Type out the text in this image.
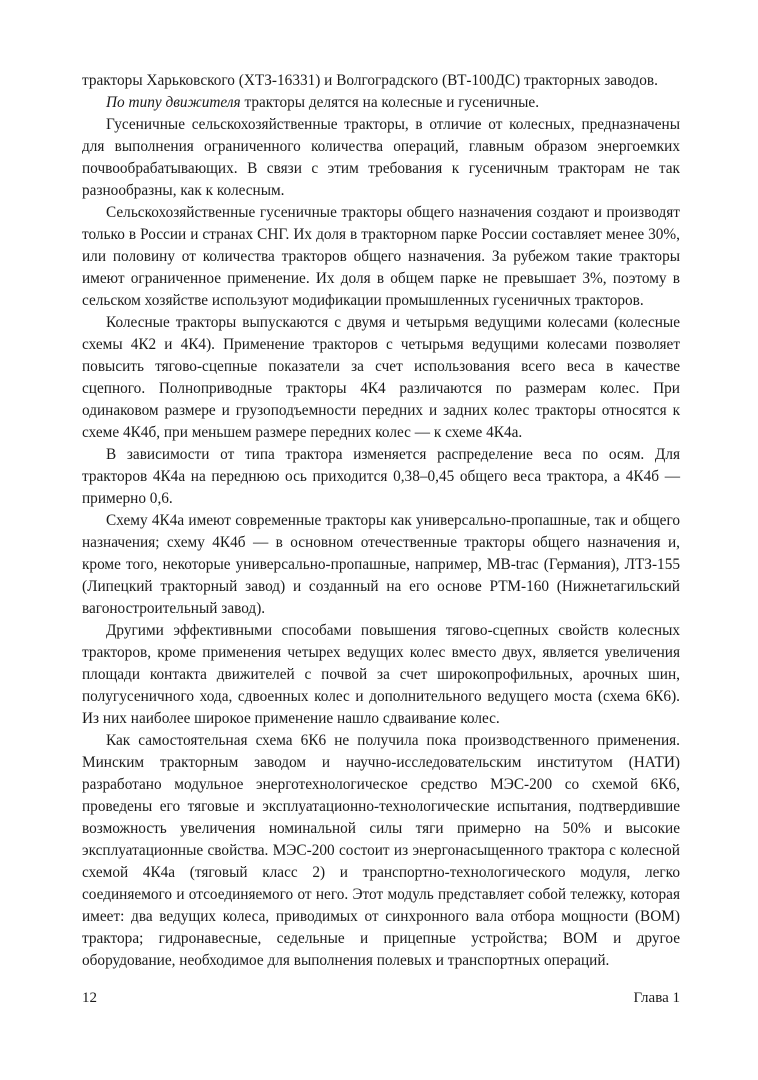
тракторы Харьковского (ХТЗ-16331) и Волгоградского (ВТ-100ДС) тракторных заводов.

По типу движителя тракторы делятся на колесные и гусеничные.

Гусеничные сельскохозяйственные тракторы, в отличие от колесных, предназначены для выполнения ограниченного количества операций, главным образом энергоемких почвообрабатывающих. В связи с этим требования к гусеничным тракторам не так разнообразны, как к колесным.

Сельскохозяйственные гусеничные тракторы общего назначения создают и производят только в России и странах СНГ. Их доля в тракторном парке России составляет менее 30%, или половину от количества тракторов общего назначения. За рубежом такие тракторы имеют ограниченное применение. Их доля в общем парке не превышает 3%, поэтому в сельском хозяйстве используют модификации промышленных гусеничных тракторов.

Колесные тракторы выпускаются с двумя и четырьмя ведущими колесами (колесные схемы 4К2 и 4К4). Применение тракторов с четырьмя ведущими колесами позволяет повысить тягово-сцепные показатели за счет использования всего веса в качестве сцепного. Полноприводные тракторы 4К4 различаются по размерам колес. При одинаковом размере и грузоподъемности передних и задних колес тракторы относятся к схеме 4К4б, при меньшем размере передних колес — к схеме 4К4а.

В зависимости от типа трактора изменяется распределение веса по осям. Для тракторов 4К4а на переднюю ось приходится 0,38–0,45 общего веса трактора, а 4К4б — примерно 0,6.

Схему 4К4а имеют современные тракторы как универсально-пропашные, так и общего назначения; схему 4К4б — в основном отечественные тракторы общего назначения и, кроме того, некоторые универсально-пропашные, например, MB-trac (Германия), ЛТЗ-155 (Липецкий тракторный завод) и созданный на его основе РТМ-160 (Нижнетагильский вагоностроительный завод).

Другими эффективными способами повышения тягово-сцепных свойств колесных тракторов, кроме применения четырех ведущих колес вместо двух, является увеличения площади контакта движителей с почвой за счет широкопрофильных, арочных шин, полугусеничного хода, сдвоенных колес и дополнительного ведущего моста (схема 6К6). Из них наиболее широкое применение нашло сдваивание колес.

Как самостоятельная схема 6К6 не получила пока производственного применения. Минским тракторным заводом и научно-исследовательским институтом (НАТИ) разработано модульное энерготехнологическое средство МЭС-200 со схемой 6К6, проведены его тяговые и эксплуатационно-технологические испытания, подтвердившие возможность увеличения номинальной силы тяги примерно на 50% и высокие эксплуатационные свойства. МЭС-200 состоит из энергонасыщенного трактора с колесной схемой 4К4а (тяговый класс 2) и транспортно-технологического модуля, легко соединяемого и отсоединяемого от него. Этот модуль представляет собой тележку, которая имеет: два ведущих колеса, приводимых от синхронного вала отбора мощности (ВОМ) трактора; гидронавесные, седельные и прицепные устройства; ВОМ и другое оборудование, необходимое для выполнения полевых и транспортных операций.

12	Глава 1
